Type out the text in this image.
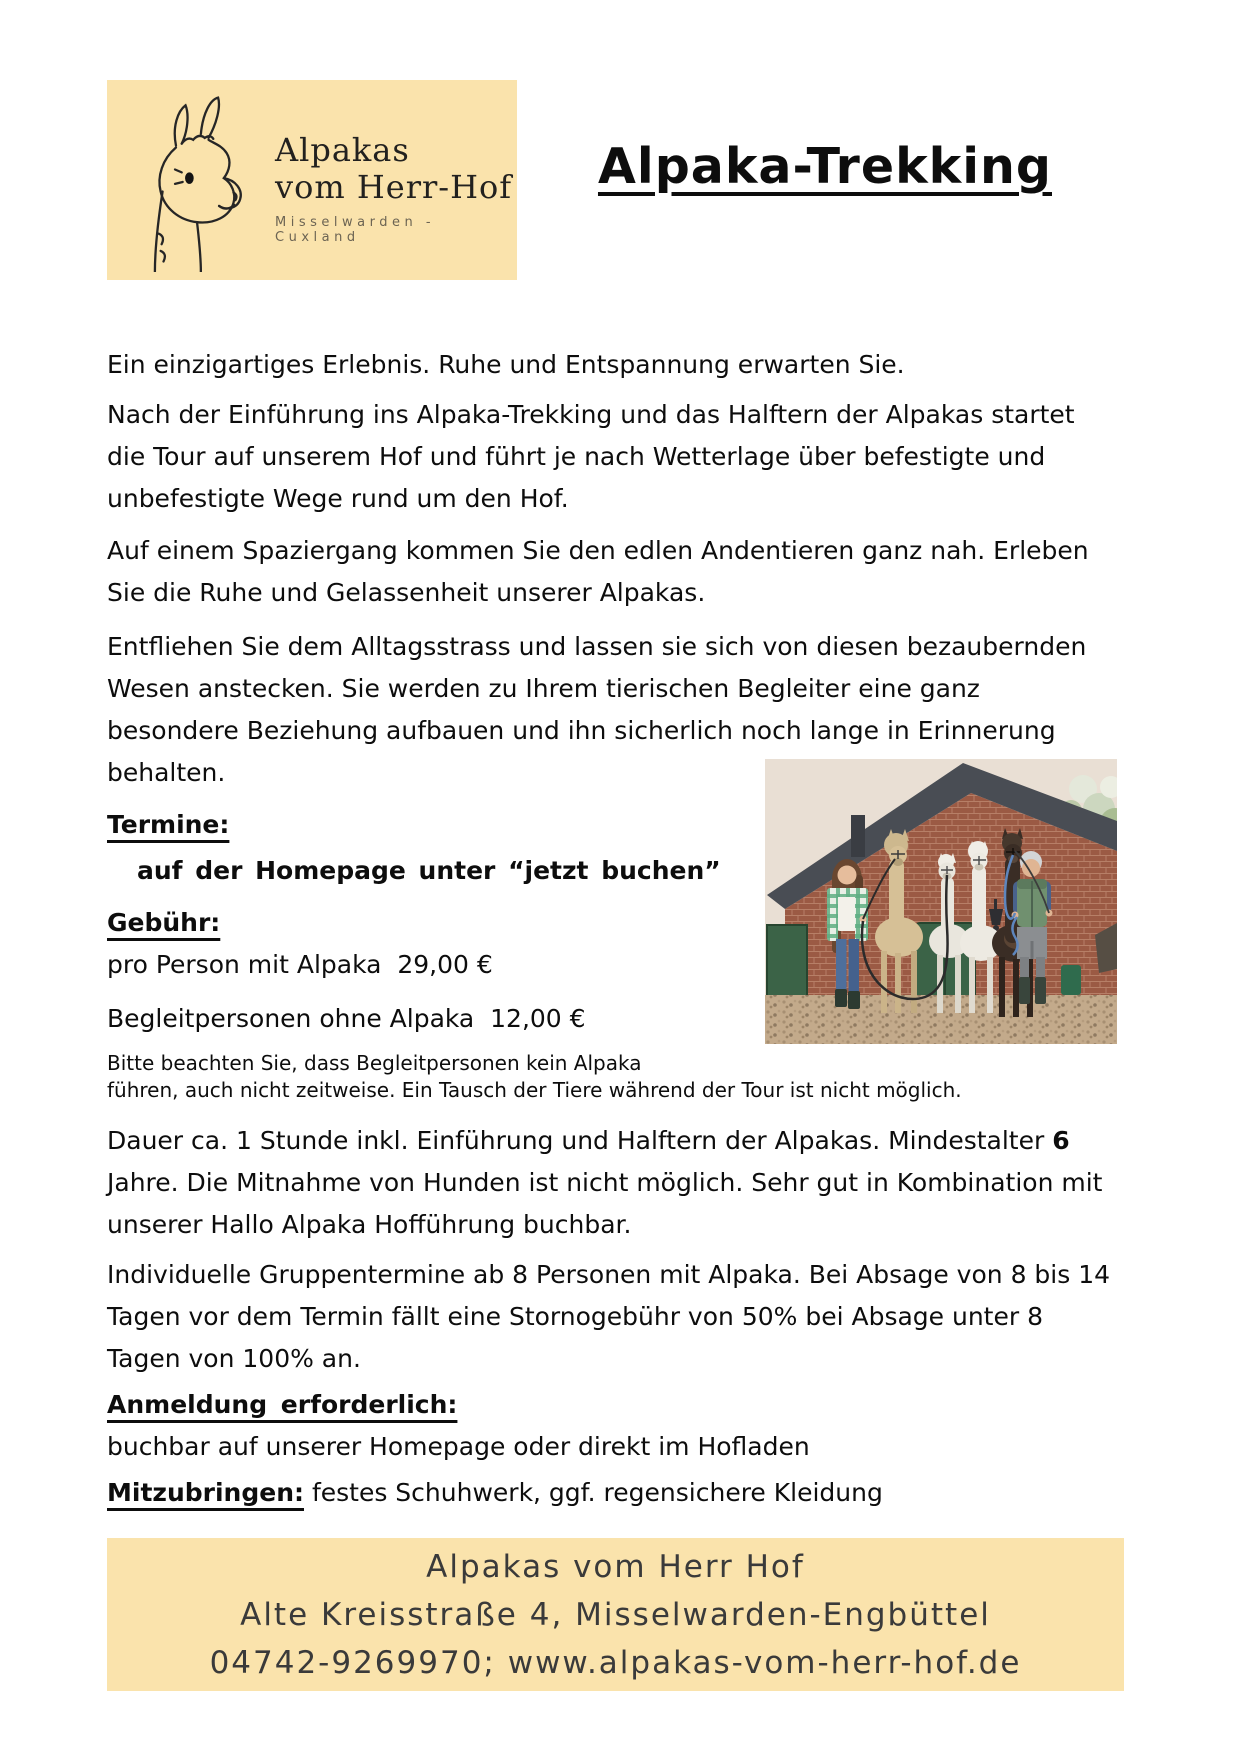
Alpakas
vom Herr-Hof
Misselwarden - Cuxland
Alpaka-Trekking

Ein einzigartiges Erlebnis. Ruhe und Entspannung erwarten Sie.

Nach der Einführung ins Alpaka-Trekking und das Halftern der Alpakas startet die Tour auf unserem Hof und führt je nach Wetterlage über befestigte und unbefestigte Wege rund um den Hof.

Auf einem Spaziergang kommen Sie den edlen Andentieren ganz nah. Erleben Sie die Ruhe und Gelassenheit unserer Alpakas.

Entfliehen Sie dem Alltagsstrass und lassen sie sich von diesen bezaubernden Wesen anstecken. Sie werden zu Ihrem tierischen Begleiter eine ganz besondere Beziehung aufbauen und ihn sicherlich noch lange in Erinnerung behalten.

Termine:

auf der Homepage unter “jetzt buchen”

Gebühr:

pro Person mit Alpaka  29,00 €

Begleitpersonen ohne Alpaka  12,00 €

Bitte beachten Sie, dass Begleitpersonen kein Alpaka
führen, auch nicht zeitweise. Ein Tausch der Tiere während der Tour ist nicht möglich.

Dauer ca. 1 Stunde inkl. Einführung und Halftern der Alpakas. Mindestalter 6 Jahre. Die Mitnahme von Hunden ist nicht möglich. Sehr gut in Kombination mit unserer Hallo Alpaka Hofführung buchbar.

Individuelle Gruppentermine ab 8 Personen mit Alpaka. Bei Absage von 8 bis 14 Tagen vor dem Termin fällt eine Stornogebühr von 50% bei Absage unter 8 Tagen von 100% an.

Anmeldung erforderlich:

buchbar auf unserer Homepage oder direkt im Hofladen

Mitzubringen: festes Schuhwerk, ggf. regensichere Kleidung

Alpakas vom Herr Hof
Alte Kreisstraße 4, Misselwarden-Engbüttel
04742-9269970; www.alpakas-vom-herr-hof.de
